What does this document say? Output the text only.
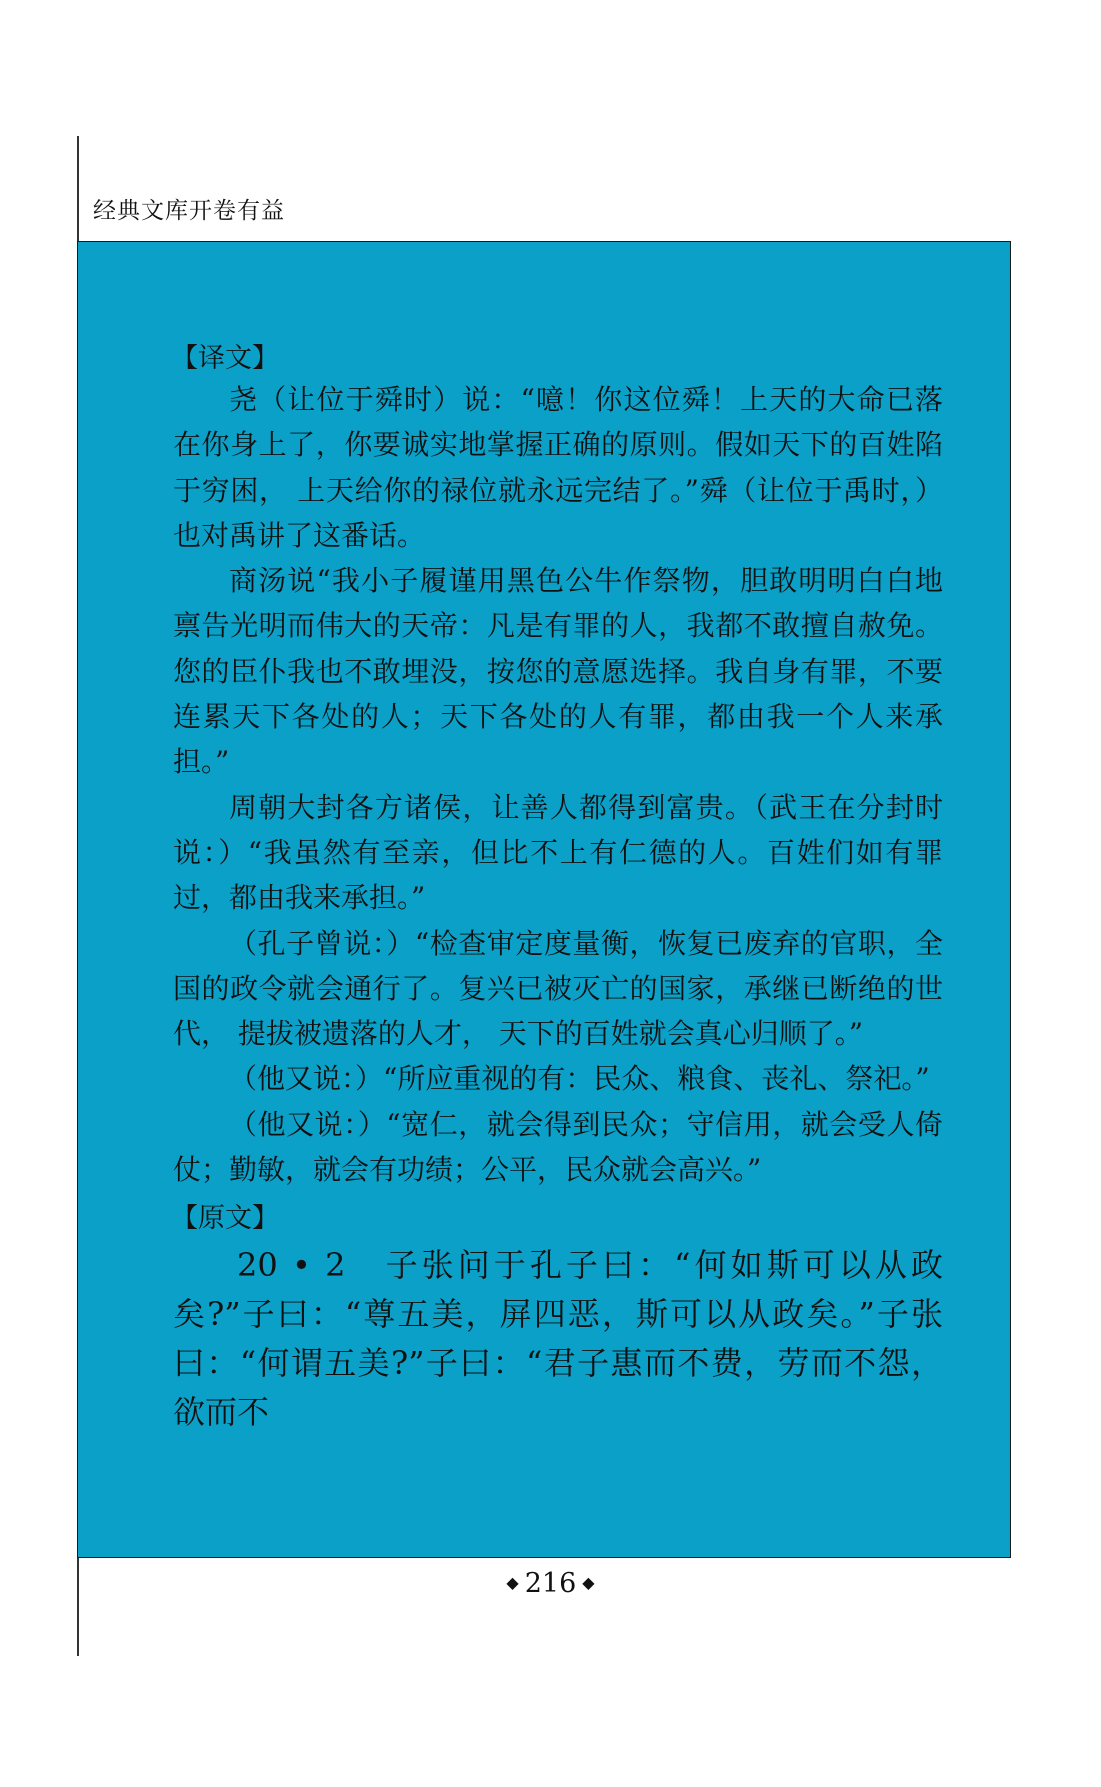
经典文库开卷有益
【译文】

尧（让位于舜时）说：“噫！你这位舜！上天的大命已落在你身上了，你要诚实地掌握正确的原则。假如天下的百姓陷于穷困， 上天给你的禄位就永远完结了。”舜（让位于禹时，）也对禹讲了这番话。

商汤说“我小子履谨用黑色公牛作祭物，胆敢明明白白地禀告光明而伟大的天帝：凡是有罪的人，我都不敢擅自赦免。您的臣仆我也不敢埋没，按您的意愿选择。我自身有罪，不要连累天下各处的人；天下各处的人有罪，都由我一个人来承担。”

周朝大封各方诸侯，让善人都得到富贵。（武王在分封时说：）“我虽然有至亲，但比不上有仁德的人。百姓们如有罪过，都由我来承担。”

（孔子曾说：）“检查审定度量衡，恢复已废弃的官职，全国的政令就会通行了。复兴已被灭亡的国家，承继已断绝的世代， 提拔被遗落的人才， 天下的百姓就会真心归顺了。”

（他又说：）“所应重视的有：民众、粮食、丧礼、祭祀。”

（他又说：）“宽仁，就会得到民众；守信用，就会受人倚仗；勤敏，就会有功绩；公平，民众就会高兴。”

【原文】

20 • 2　子张问于孔子曰：“何如斯可以从政矣?”子曰：“尊五美，屏四恶，斯可以从政矣。”子张曰：“何谓五美?”子曰：“君子惠而不费，劳而不怨，欲而不

◆ 216 ◆
